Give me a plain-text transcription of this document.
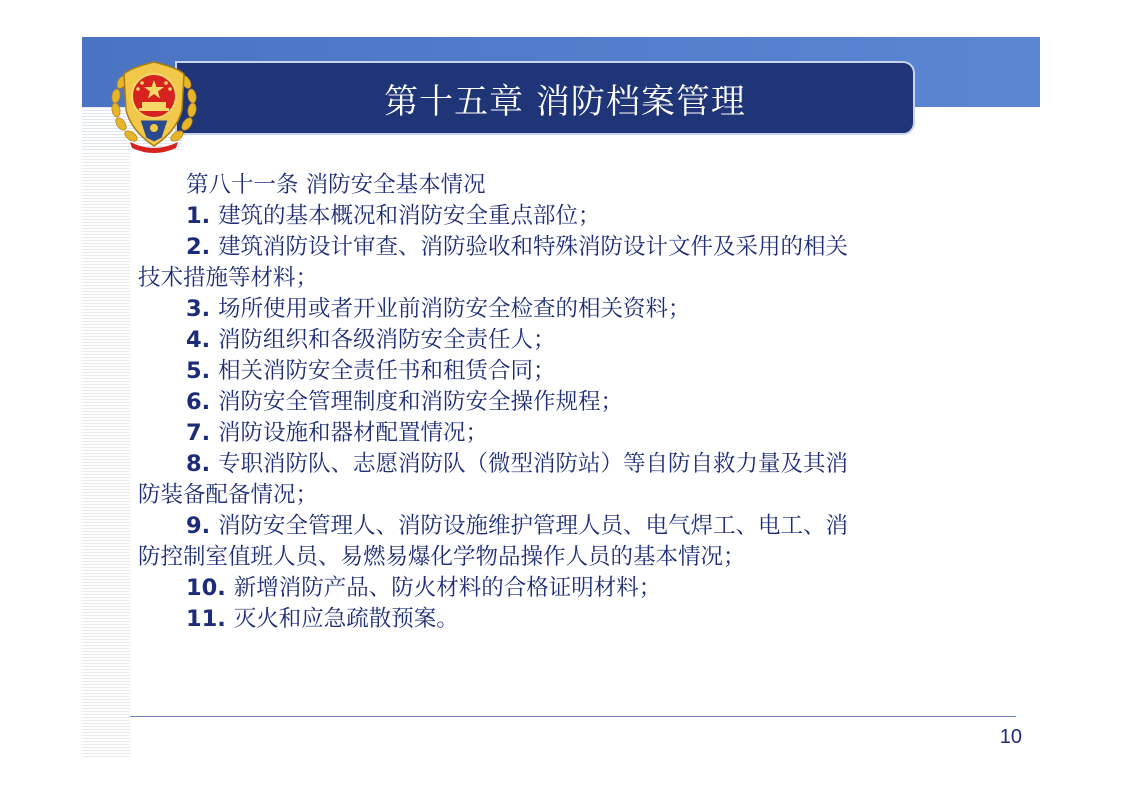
第十五章 消防档案管理

第八十一条 消防安全基本情况

1. 建筑的基本概况和消防安全重点部位；

2. 建筑消防设计审查、消防验收和特殊消防设计文件及采用的相关

技术措施等材料；

3. 场所使用或者开业前消防安全检查的相关资料；

4. 消防组织和各级消防安全责任人；

5. 相关消防安全责任书和租赁合同；

6. 消防安全管理制度和消防安全操作规程；

7. 消防设施和器材配置情况；

8. 专职消防队、志愿消防队（微型消防站）等自防自救力量及其消

防装备配备情况；

9. 消防安全管理人、消防设施维护管理人员、电气焊工、电工、消

防控制室值班人员、易燃易爆化学物品操作人员的基本情况；

10. 新增消防产品、防火材料的合格证明材料；

11. 灭火和应急疏散预案。

10
